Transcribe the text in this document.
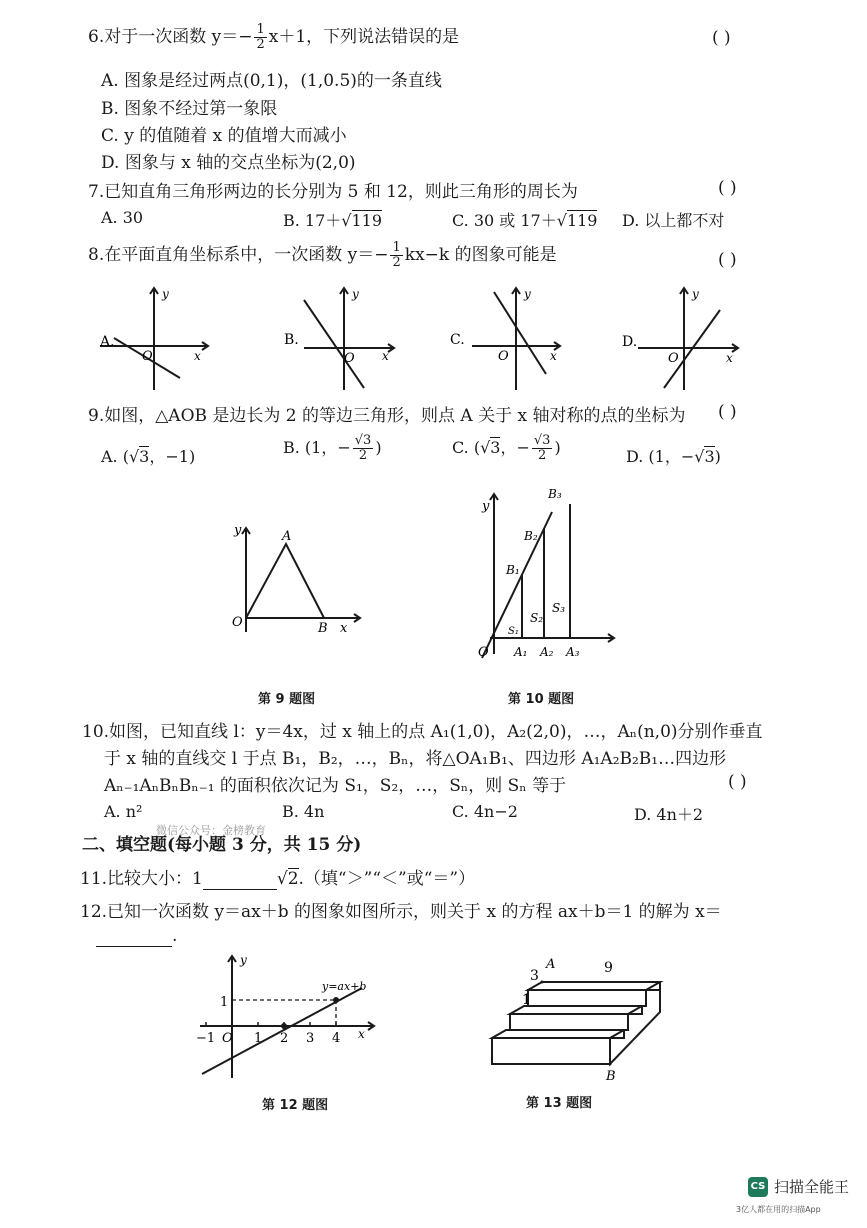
6.对于一次函数 $y=- \frac{1}{2} x+1$，下列说法错误的是	( )
A. 图象是经过两点(0,1)，(1,0.5)的一条直线
B. 图象不经过第一象限
C. y 的值随着 x 的值增大而减小
D. 图象与 x 轴的交点坐标为(2,0)
7.已知直角三角形两边的长分别为 5 和 12，则此三角形的周长为	( )
A. 30	B. 17＋√119	C. 30 或 17＋√119 D. 以上都不对
8.在平面直角坐标系中，一次函数 $y=- \frac{1}{2} kx-k$ 的图象可能是	( )
A.
y
x
O
B.
y
x
O
C.
y
x
O
D.
y
x
O
9.如图，△AOB 是边长为 2 的等边三角形，则点 A 关于 x 轴对称的点的坐标为 ( )
A. (√3，−1)	B. (1，− $\frac{√3}{2}$ )	C. (√3，− $\frac{√3}{2}$ )	D. (1，−√3)
y
O
A
B x
第 9 题图
y
O
B₁
B₂
B₃
S₁
S₂
S₃
A₁ A₂ A₃
第 10 题图
10.如图，已知直线 l：y＝4x，过 x 轴上的点 A₁(1,0)，A₂(2,0)，…，Aₙ(n,0)分别作垂直
于 x 轴的直线交 l 于点 B₁，B₂，…，Bₙ，将△OA₁B₁、四边形 A₁A₂B₂B₁…四边形
Aₙ₋₁AₙBₙBₙ₋₁ 的面积依次记为 S₁，S₂，…，Sₙ，则 Sₙ 等于	( )
A. n²	B. 4n	C. 4n−2	D. 4n＋2
二、填空题(每小题 3 分，共 15 分)
微信公众号：金榜教育
11.比较大小：1	√2.（填“＞”“＜”或“＝”）
12.已知一次函数 y＝ax＋b 的图象如图所示，则关于 x 的方程 ax＋b＝1 的解为 x＝
.
y
x
O
y=ax+b
1
−1	1 2 3 4
第 12 题图
A	9
3
1
B
第 13 题图
CS 扫描全能王
3亿人都在用的扫描App
